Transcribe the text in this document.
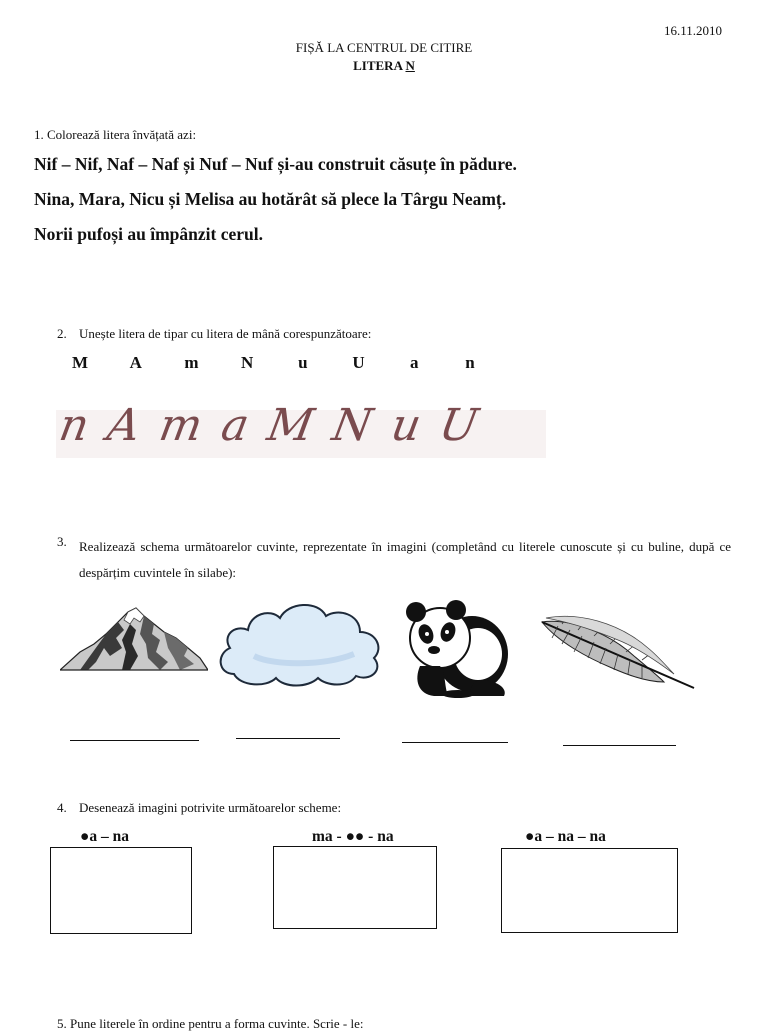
16.11.2010
FIȘĂ LA CENTRUL DE CITIRE
LITERA N
1. Colorează litera învățată azi:
Nif – Nif, Naf – Naf și Nuf – Nuf și-au construit căsuțe în pădure.
Nina, Mara, Nicu și Melisa au hotărât să plece la Târgu Neamț.
Norii pufoși au împânzit cerul.
2. Unește litera de tipar cu litera de mână corespunzătoare:
M A m N	u	U	a	n
n A m a M N u U
3. Realizează schema următoarelor cuvinte, reprezentate în imagini (completând cu literele cunoscute și cu buline, după ce despărțim cuvintele în silabe):
4. Desenează imagini potrivite următoarelor scheme:
●a – na	ma - ●● - na	●a – na – na
5. Pune literele în ordine pentru a forma cuvinte. Scrie - le:
